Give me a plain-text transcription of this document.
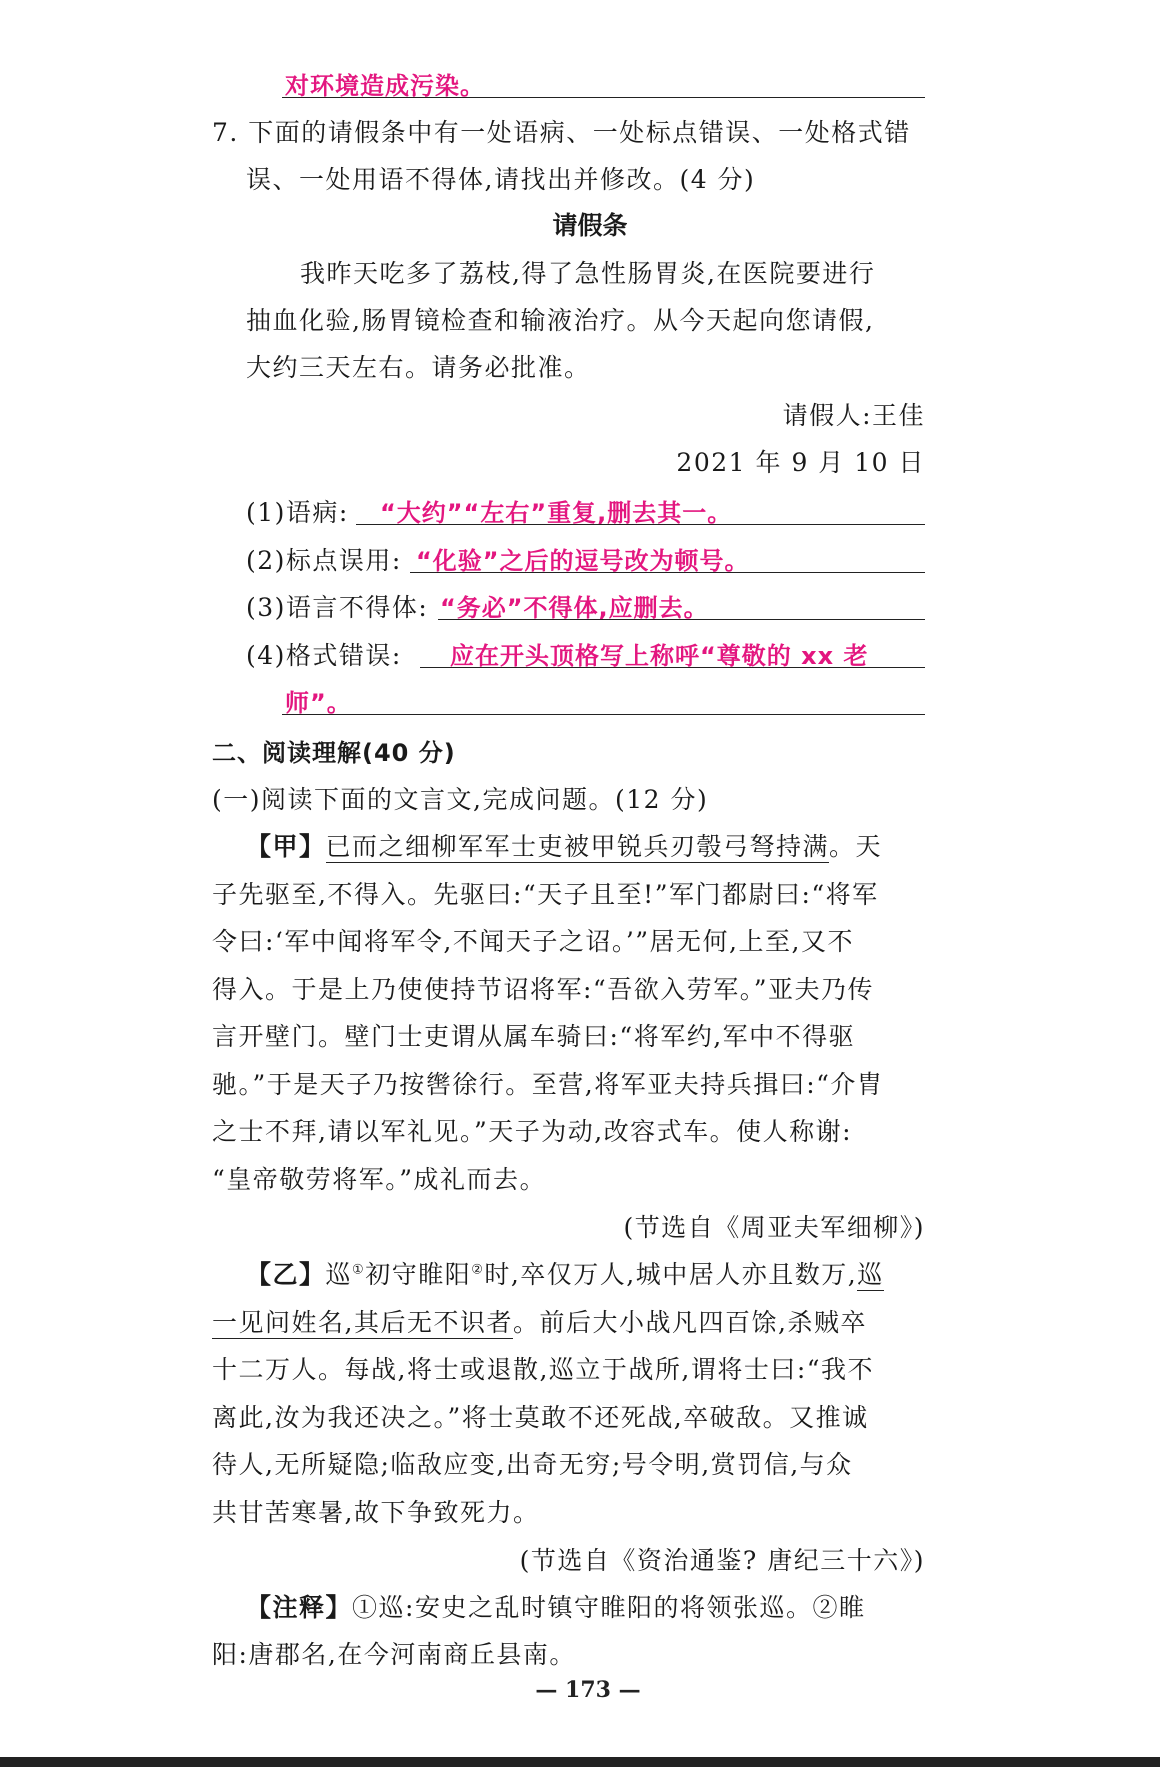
对环境造成污染。
7. 下面的请假条中有一处语病、一处标点错误、一处格式错
误、一处用语不得体,请找出并修改。(4 分)
请假条
我昨天吃多了荔枝,得了急性肠胃炎,在医院要进行
抽血化验,肠胃镜检查和输液治疗。从今天起向您请假,
大约三天左右。请务必批准。
请假人:王佳
2021 年 9 月 10 日
(1)语病: “大约”“左右”重复,删去其一。
(2)标点误用: “化验”之后的逗号改为顿号。
(3)语言不得体: “务必”不得体,应删去。
(4)格式错误: 应在开头顶格写上称呼“尊敬的 xx 老
师”。
二、阅读理解(40 分)
(一)阅读下面的文言文,完成问题。(12 分)
【甲】已而之细柳军军士吏被甲锐兵刃彀弓弩持满。天
子先驱至,不得入。先驱曰:“天子且至!”军门都尉曰:“将军
令曰:‘军中闻将军令,不闻天子之诏。’”居无何,上至,又不
得入。于是上乃使使持节诏将军:“吾欲入劳军。”亚夫乃传
言开壁门。壁门士吏谓从属车骑曰:“将军约,军中不得驱
驰。”于是天子乃按辔徐行。至营,将军亚夫持兵揖曰:“介胄
之士不拜,请以军礼见。”天子为动,改容式车。使人称谢:
“皇帝敬劳将军。”成礼而去。
(节选自《周亚夫军细柳》)
【乙】巡①初守睢阳②时,卒仅万人,城中居人亦且数万,巡
一见问姓名,其后无不识者。前后大小战凡四百馀,杀贼卒
十二万人。每战,将士或退散,巡立于战所,谓将士曰:“我不
离此,汝为我还决之。”将士莫敢不还死战,卒破敌。又推诚
待人,无所疑隐;临敌应变,出奇无穷;号令明,赏罚信,与众
共甘苦寒暑,故下争致死力。
(节选自《资治通鉴? 唐纪三十六》)
【注释】①巡:安史之乱时镇守睢阳的将领张巡。②睢
阳:唐郡名,在今河南商丘县南。
— 173 —
